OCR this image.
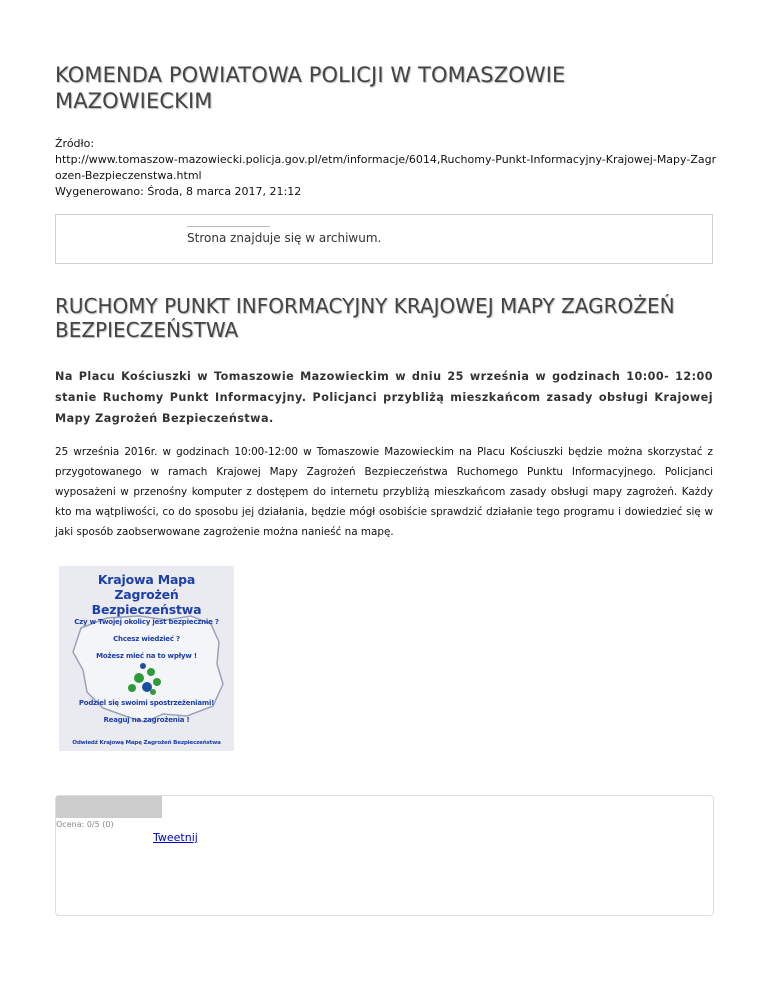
KOMENDA POWIATOWA POLICJI W TOMASZOWIE MAZOWIECKIM
Źródło:
http://www.tomaszow-mazowiecki.policja.gov.pl/etm/informacje/6014,Ruchomy-Punkt-Informacyjny-Krajowej-Mapy-Zagrozen-Bezpieczenstwa.html
Wygenerowano: Środa, 8 marca 2017, 21:12
Strona znajduje się w archiwum.
RUCHOMY PUNKT INFORMACYJNY KRAJOWEJ MAPY ZAGROŻEŃ BEZPIECZEŃSTWA
Na Placu Kościuszki w Tomaszowie Mazowieckim w dniu 25 września w godzinach 10:00- 12:00 stanie Ruchomy Punkt Informacyjny. Policjanci przybliżą mieszkańcom zasady obsługi Krajowej Mapy Zagrożeń Bezpieczeństwa.
25 września 2016r. w godzinach 10:00-12:00 w Tomaszowie Mazowieckim na Placu Kościuszki będzie można skorzystać z przygotowanego w ramach Krajowej Mapy Zagrożeń Bezpieczeństwa Ruchomego Punktu Informacyjnego. Policjanci wyposażeni w przenośny komputer z dostępem do internetu przybliżą mieszkańcom zasady obsługi mapy zagrożeń. Każdy kto ma wątpliwości, co do sposobu jej działania, będzie mógł osobiście sprawdzić działanie tego programu i dowiedzieć się w jaki sposób zaobserwowane zagrożenie można nanieść na mapę.
Krajowa Mapa
Zagrożeń Bezpieczeństwa
Czy w Twojej okolicy jest bezpiecznie ?
Chcesz wiedzieć ?
Możesz mieć na to wpływ !
Podziel się swoimi spostrzeżeniami!
Reaguj na zagrożenia !
Odwiedź Krajową Mapę Zagrożeń Bezpieczeństwa
Ocena: 0/5 (0)
Tweetnij
